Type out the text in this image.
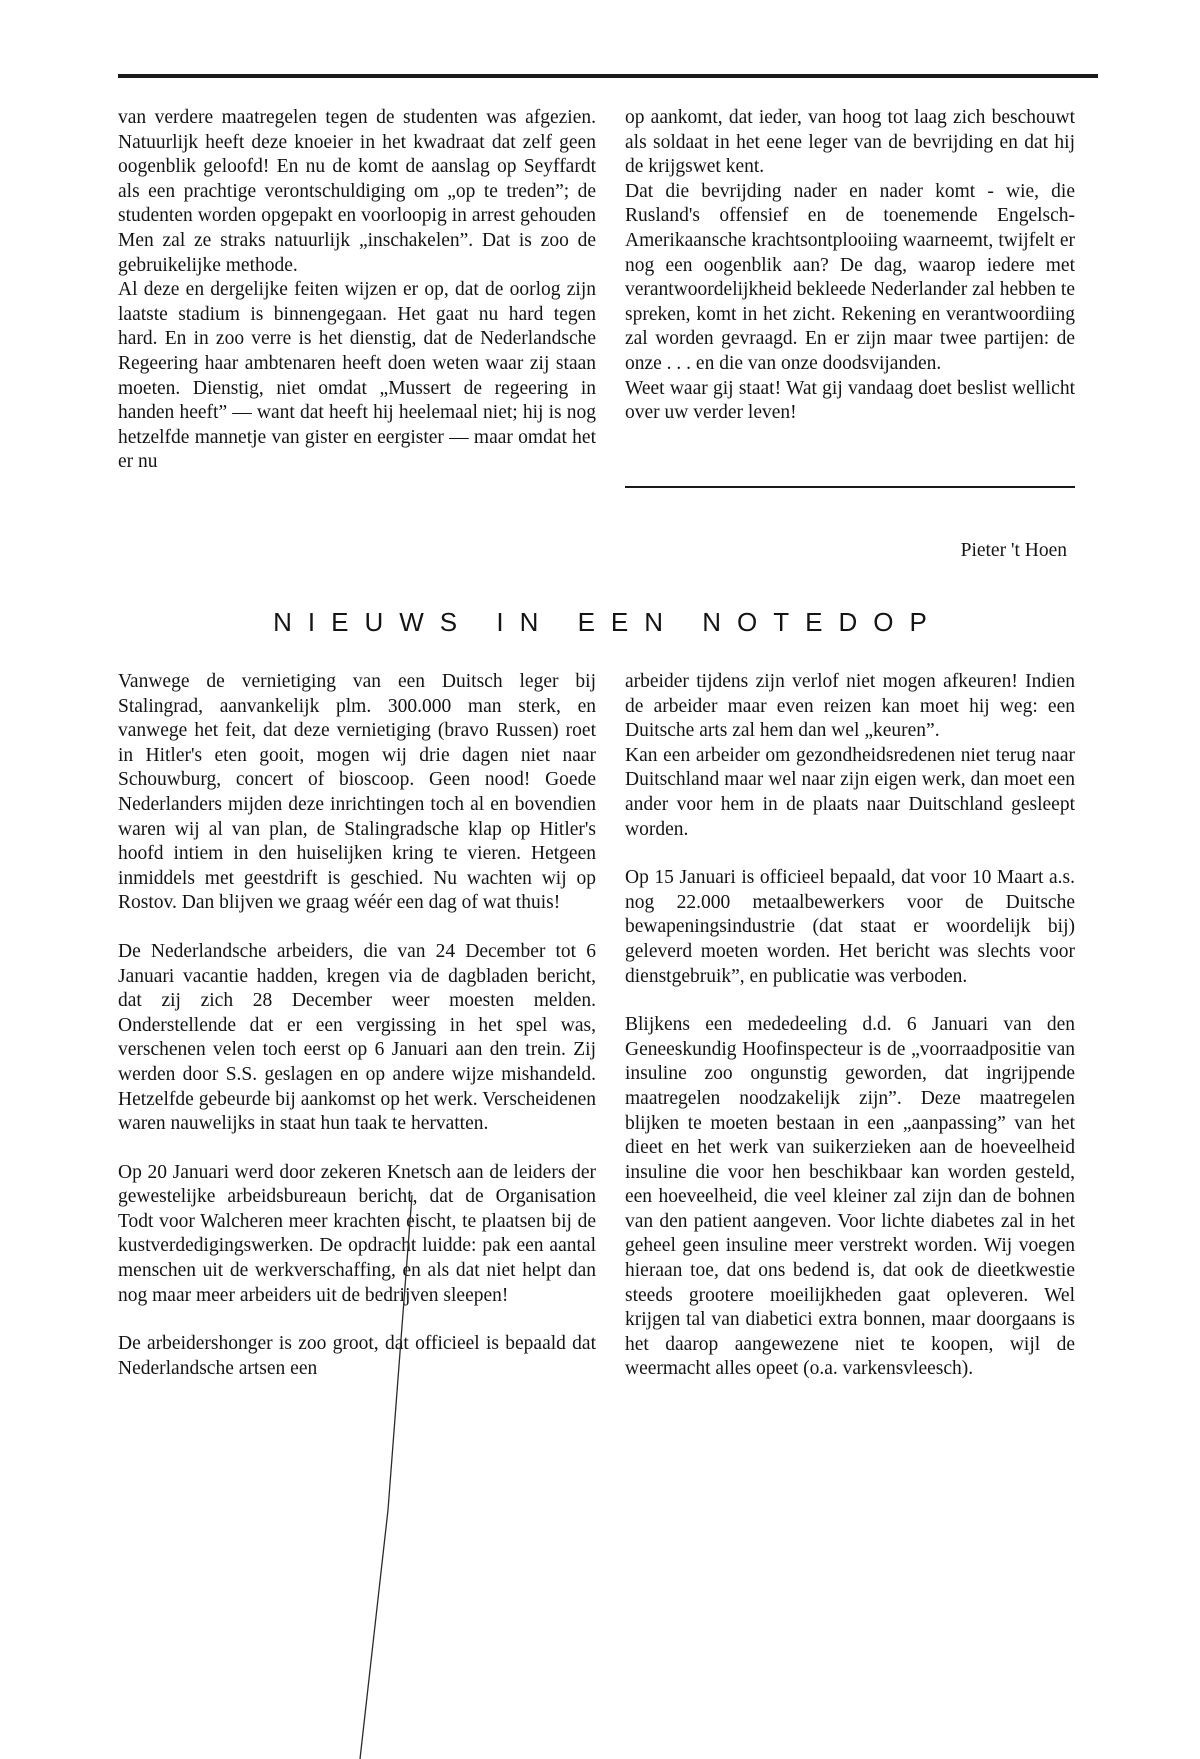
van verdere maatregelen tegen de studenten was afgezien. Natuurlijk heeft deze knoeier in het kwadraat dat zelf geen oogenblik geloofd! En nu de komt de aanslag op Seyffardt als een prachtige verontschuldiging om „op te treden”; de studenten worden opgepakt en voorloopig in arrest gehouden Men zal ze straks natuurlijk „inschakelen”. Dat is zoo de gebruikelijke methode.

Al deze en dergelijke feiten wijzen er op, dat de oorlog zijn laatste stadium is binnengegaan. Het gaat nu hard tegen hard. En in zoo verre is het dienstig, dat de Nederlandsche Regeering haar ambtenaren heeft doen weten waar zij staan moeten. Dienstig, niet omdat „Mussert de regeering in handen heeft” — want dat heeft hij heelemaal niet; hij is nog hetzelfde mannetje van gister en eergister — maar omdat het er nu

op aankomt, dat ieder, van hoog tot laag zich beschouwt als soldaat in het eene leger van de bevrijding en dat hij de krijgswet kent.

Dat die bevrijding nader en nader komt - wie, die Rusland's offensief en de toenemende Engelsch-Amerikaansche krachtsontplooiing waarneemt, twijfelt er nog een oogenblik aan? De dag, waarop iedere met verantwoordelijkheid bekleede Nederlander zal hebben te spreken, komt in het zicht. Rekening en verantwoordiing zal worden gevraagd. En er zijn maar twee partijen: de onze . . . en die van onze doodsvijanden.

Weet waar gij staat! Wat gij vandaag doet beslist wellicht over uw verder leven!

Pieter 't Hoen
NIEUWS IN EEN NOTEDOP

Vanwege de vernietiging van een Duitsch leger bij Stalingrad, aanvankelijk plm. 300.000 man sterk, en vanwege het feit, dat deze vernietiging (bravo Russen) roet in Hitler's eten gooit, mogen wij drie dagen niet naar Schouwburg, concert of bioscoop. Geen nood! Goede Nederlanders mijden deze inrichtingen toch al en bovendien waren wij al van plan, de Stalingradsche klap op Hitler's hoofd intiem in den huiselijken kring te vieren. Hetgeen inmiddels met geestdrift is geschied. Nu wachten wij op Rostov. Dan blijven we graag wéér een dag of wat thuis!

De Nederlandsche arbeiders, die van 24 December tot 6 Januari vacantie hadden, kregen via de dagbladen bericht, dat zij zich 28 December weer moesten melden. Onderstellende dat er een vergissing in het spel was, verschenen velen toch eerst op 6 Januari aan den trein. Zij werden door S.S. geslagen en op andere wijze mishandeld. Hetzelfde gebeurde bij aankomst op het werk. Verscheidenen waren nauwelijks in staat hun taak te hervatten.

Op 20 Januari werd door zekeren Knetsch aan de leiders der gewestelijke arbeidsbureaun bericht, dat de Organisation Todt voor Walcheren meer krachten eischt, te plaatsen bij de kustverdedigingswerken. De opdracht luidde: pak een aantal menschen uit de werkverschaffing, en als dat niet helpt dan nog maar meer arbeiders uit de bedrijven sleepen!

De arbeidershonger is zoo groot, dat officieel is bepaald dat Nederlandsche artsen een

arbeider tijdens zijn verlof niet mogen afkeuren! Indien de arbeider maar even reizen kan moet hij weg: een Duitsche arts zal hem dan wel „keuren”.

Kan een arbeider om gezondheidsredenen niet terug naar Duitschland maar wel naar zijn eigen werk, dan moet een ander voor hem in de plaats naar Duitschland gesleept worden.

Op 15 Januari is officieel bepaald, dat voor 10 Maart a.s. nog 22.000 metaalbewerkers voor de Duitsche bewapeningsindustrie (dat staat er woordelijk bij) geleverd moeten worden. Het bericht was slechts voor dienstgebruik”, en publicatie was verboden.

Blijkens een mededeeling d.d. 6 Januari van den Geneeskundig Hoofinspecteur is de „voorraadpositie van insuline zoo ongunstig geworden, dat ingrijpende maatregelen noodzakelijk zijn”. Deze maatregelen blijken te moeten bestaan in een „aanpassing” van het dieet en het werk van suikerzieken aan de hoeveelheid insuline die voor hen beschikbaar kan worden gesteld, een hoeveelheid, die veel kleiner zal zijn dan de bohnen van den patient aangeven. Voor lichte diabetes zal in het geheel geen insuline meer verstrekt worden. Wij voegen hieraan toe, dat ons bedend is, dat ook de dieetkwestie steeds grootere moeilijkheden gaat opleveren. Wel krijgen tal van diabetici extra bonnen, maar doorgaans is het daarop aangewezene niet te koopen, wijl de weermacht alles opeet (o.a. varkensvleesch).
